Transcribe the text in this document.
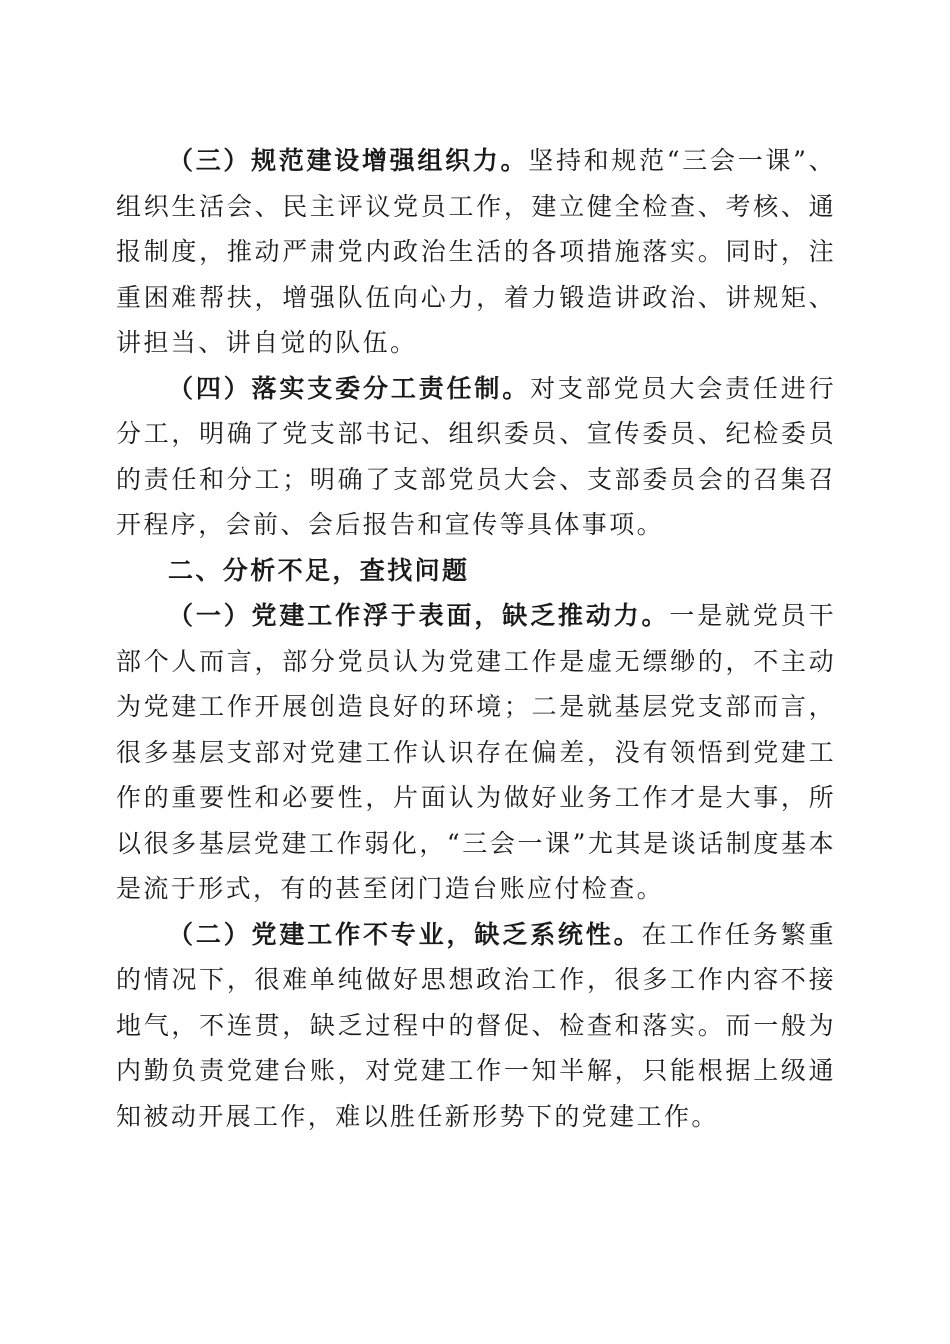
（三）规范建设增强组织力。坚持和规范“三会一课”、组织生活会、民主评议党员工作，建立健全检查、考核、通报制度，推动严肃党内政治生活的各项措施落实。同时，注重困难帮扶，增强队伍向心力，着力锻造讲政治、讲规矩、讲担当、讲自觉的队伍。

（四）落实支委分工责任制。对支部党员大会责任进行分工，明确了党支部书记、组织委员、宣传委员、纪检委员的责任和分工；明确了支部党员大会、支部委员会的召集召开程序，会前、会后报告和宣传等具体事项。

二、分析不足，查找问题

（一）党建工作浮于表面，缺乏推动力。一是就党员干部个人而言，部分党员认为党建工作是虚无缥缈的，不主动为党建工作开展创造良好的环境；二是就基层党支部而言，很多基层支部对党建工作认识存在偏差，没有领悟到党建工作的重要性和必要性，片面认为做好业务工作才是大事，所以很多基层党建工作弱化，“三会一课”尤其是谈话制度基本是流于形式，有的甚至闭门造台账应付检查。

（二）党建工作不专业，缺乏系统性。在工作任务繁重的情况下，很难单纯做好思想政治工作，很多工作内容不接地气，不连贯，缺乏过程中的督促、检查和落实。而一般为内勤负责党建台账，对党建工作一知半解，只能根据上级通知被动开展工作，难以胜任新形势下的党建工作。
